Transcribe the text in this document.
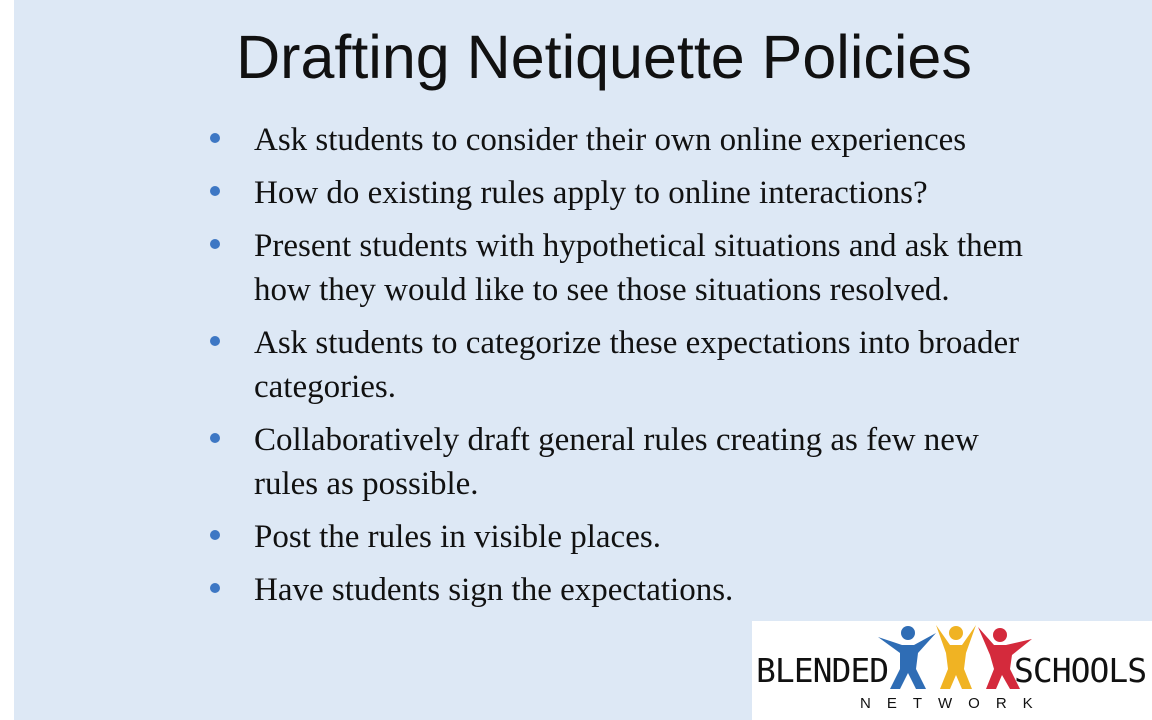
Drafting Netiquette Policies
Ask students to consider their own online experiences
How do existing rules apply to online interactions?
Present students with hypothetical situations and ask them how they would like to see those situations resolved.
Ask students to categorize these expectations into broader categories.
Collaboratively draft general rules creating as few new rules as possible.
Post the rules in visible places.
Have students sign the expectations.
BLENDED	SCHOOLS
NETWORK
